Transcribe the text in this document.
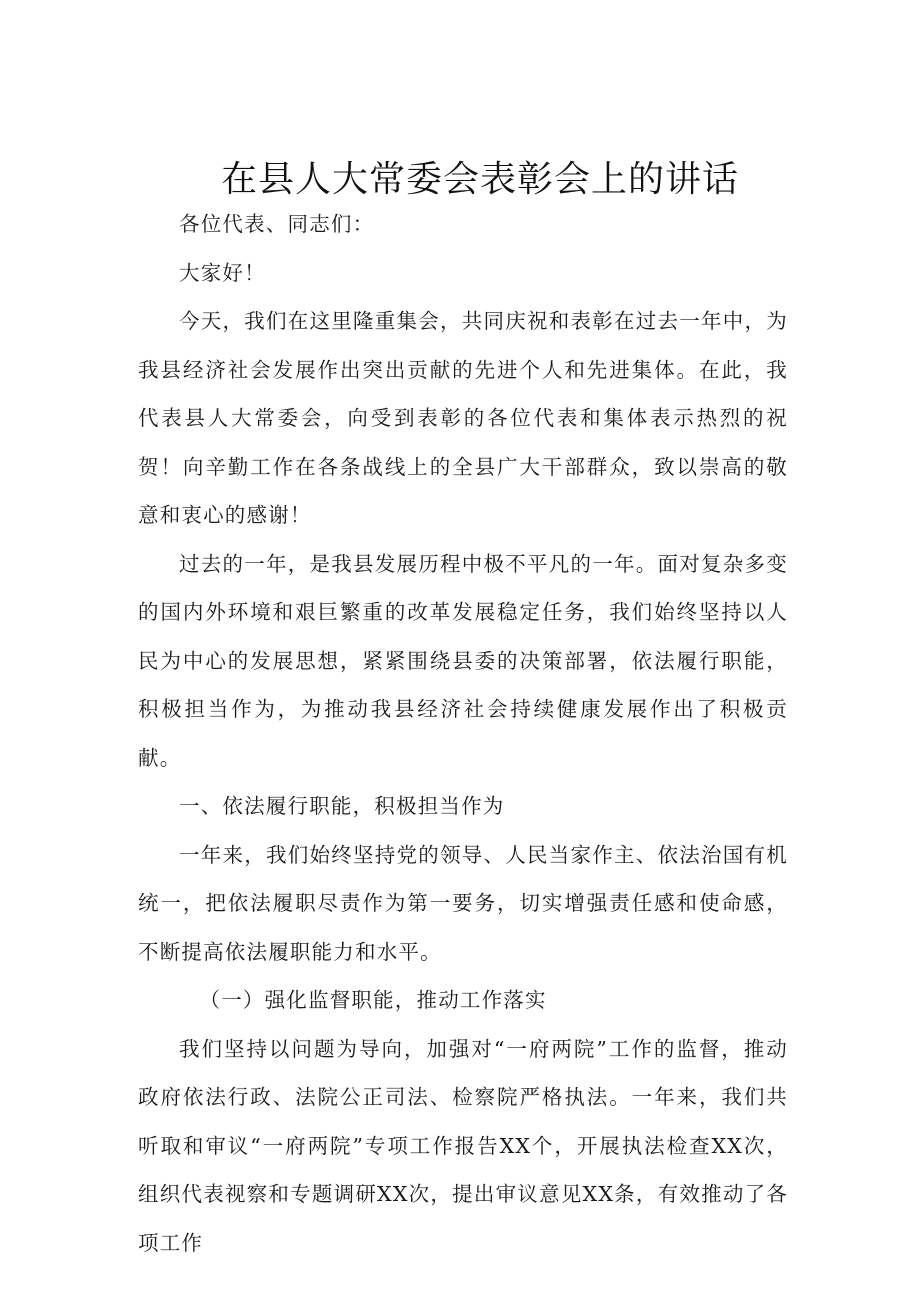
在县人大常委会表彰会上的讲话

各位代表、同志们：

大家好！

今天，我们在这里隆重集会，共同庆祝和表彰在过去一年中，为我县经济社会发展作出突出贡献的先进个人和先进集体。在此，我代表县人大常委会，向受到表彰的各位代表和集体表示热烈的祝贺！向辛勤工作在各条战线上的全县广大干部群众，致以崇高的敬意和衷心的感谢！

过去的一年，是我县发展历程中极不平凡的一年。面对复杂多变的国内外环境和艰巨繁重的改革发展稳定任务，我们始终坚持以人民为中心的发展思想，紧紧围绕县委的决策部署，依法履行职能，积极担当作为，为推动我县经济社会持续健康发展作出了积极贡献。

一、依法履行职能，积极担当作为

一年来，我们始终坚持党的领导、人民当家作主、依法治国有机统一，把依法履职尽责作为第一要务，切实增强责任感和使命感，不断提高依法履职能力和水平。

（一）强化监督职能，推动工作落实

我们坚持以问题为导向，加强对“一府两院”工作的监督，推动政府依法行政、法院公正司法、检察院严格执法。一年来，我们共听取和审议“一府两院”专项工作报告XX个，开展执法检查XX次，组织代表视察和专题调研XX次，提出审议意见XX条，有效推动了各项工作
